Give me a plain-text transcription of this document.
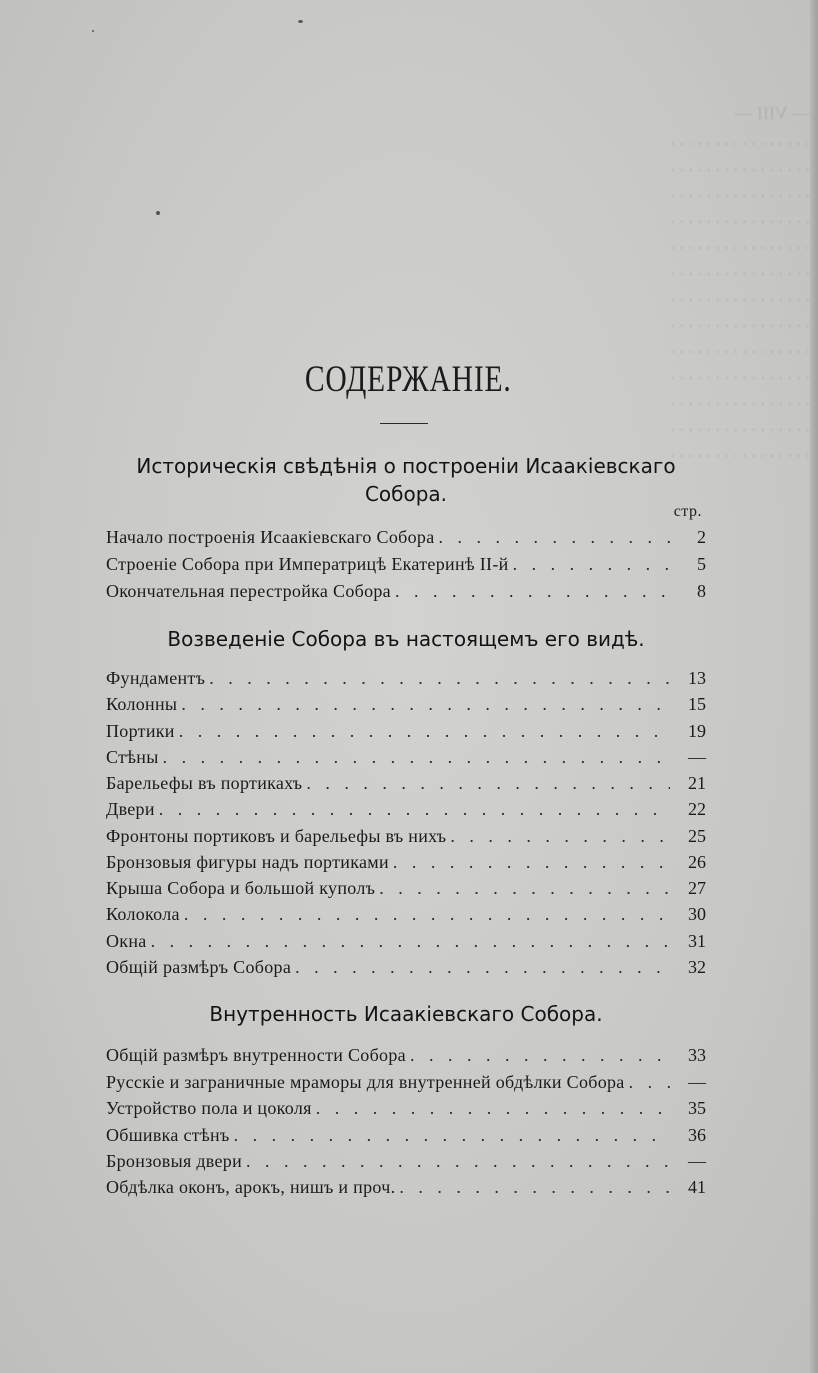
— VIII —
. . . . . . . . . . . . . . . .
. . . . . . . . . . . . . . . .
. . . . . . . . . . . . . . . .
. . . . . . . . . . . . . . . .
. . . . . . . . . . . . . . . .
. . . . . . . . . . . . . . . .
. . . . . . . . . . . . . . . .
. . . . . . . . . . . . . . . .
. . . . . . . . . . . . . . . .
. . . . . . . . . . . . . . . .
. . . . . . . . . . . . . . . .
. . . . . . . . . . . . . . . .
. . . . . . . . . . . . . . . .
СОДЕРЖАНІЕ.
Историческія свѣдѣнія о построеніи Исаакіевскаго
Собора.
стр.
Начало построенія Исаакіевскаго Собора . . .	2
Строеніе Собора при Императрицѣ Екатеринѣ II-й . . .	5
Окончательная перестройка Собора . . .	8
Возведеніе Собора въ настоящемъ его видѣ.
Фундаментъ . . .	13
Колонны . . .	15
Портики . . .	19
Стѣны . . .	—
Барельефы въ портикахъ . . .	21
Двери . . .	22
Фронтоны портиковъ и барельефы въ нихъ . . .	25
Бронзовыя фигуры надъ портиками . . .	26
Крыша Собора и большой куполъ . . .	27
Колокола . . .	30
Окна . . .	31
Общій размѣръ Собора . . .	32
Внутренность Исаакіевскаго Собора.
Общій размѣръ внутренности Собора . . .	33
Русскіе и заграничные мраморы для внутренней обдѣлки Собора . . .	—
Устройство пола и цоколя . . .	35
Обшивка стѣнъ . . .	36
Бронзовыя двери . . .	—
Обдѣлка оконъ, арокъ, нишъ и проч. . . .	41
